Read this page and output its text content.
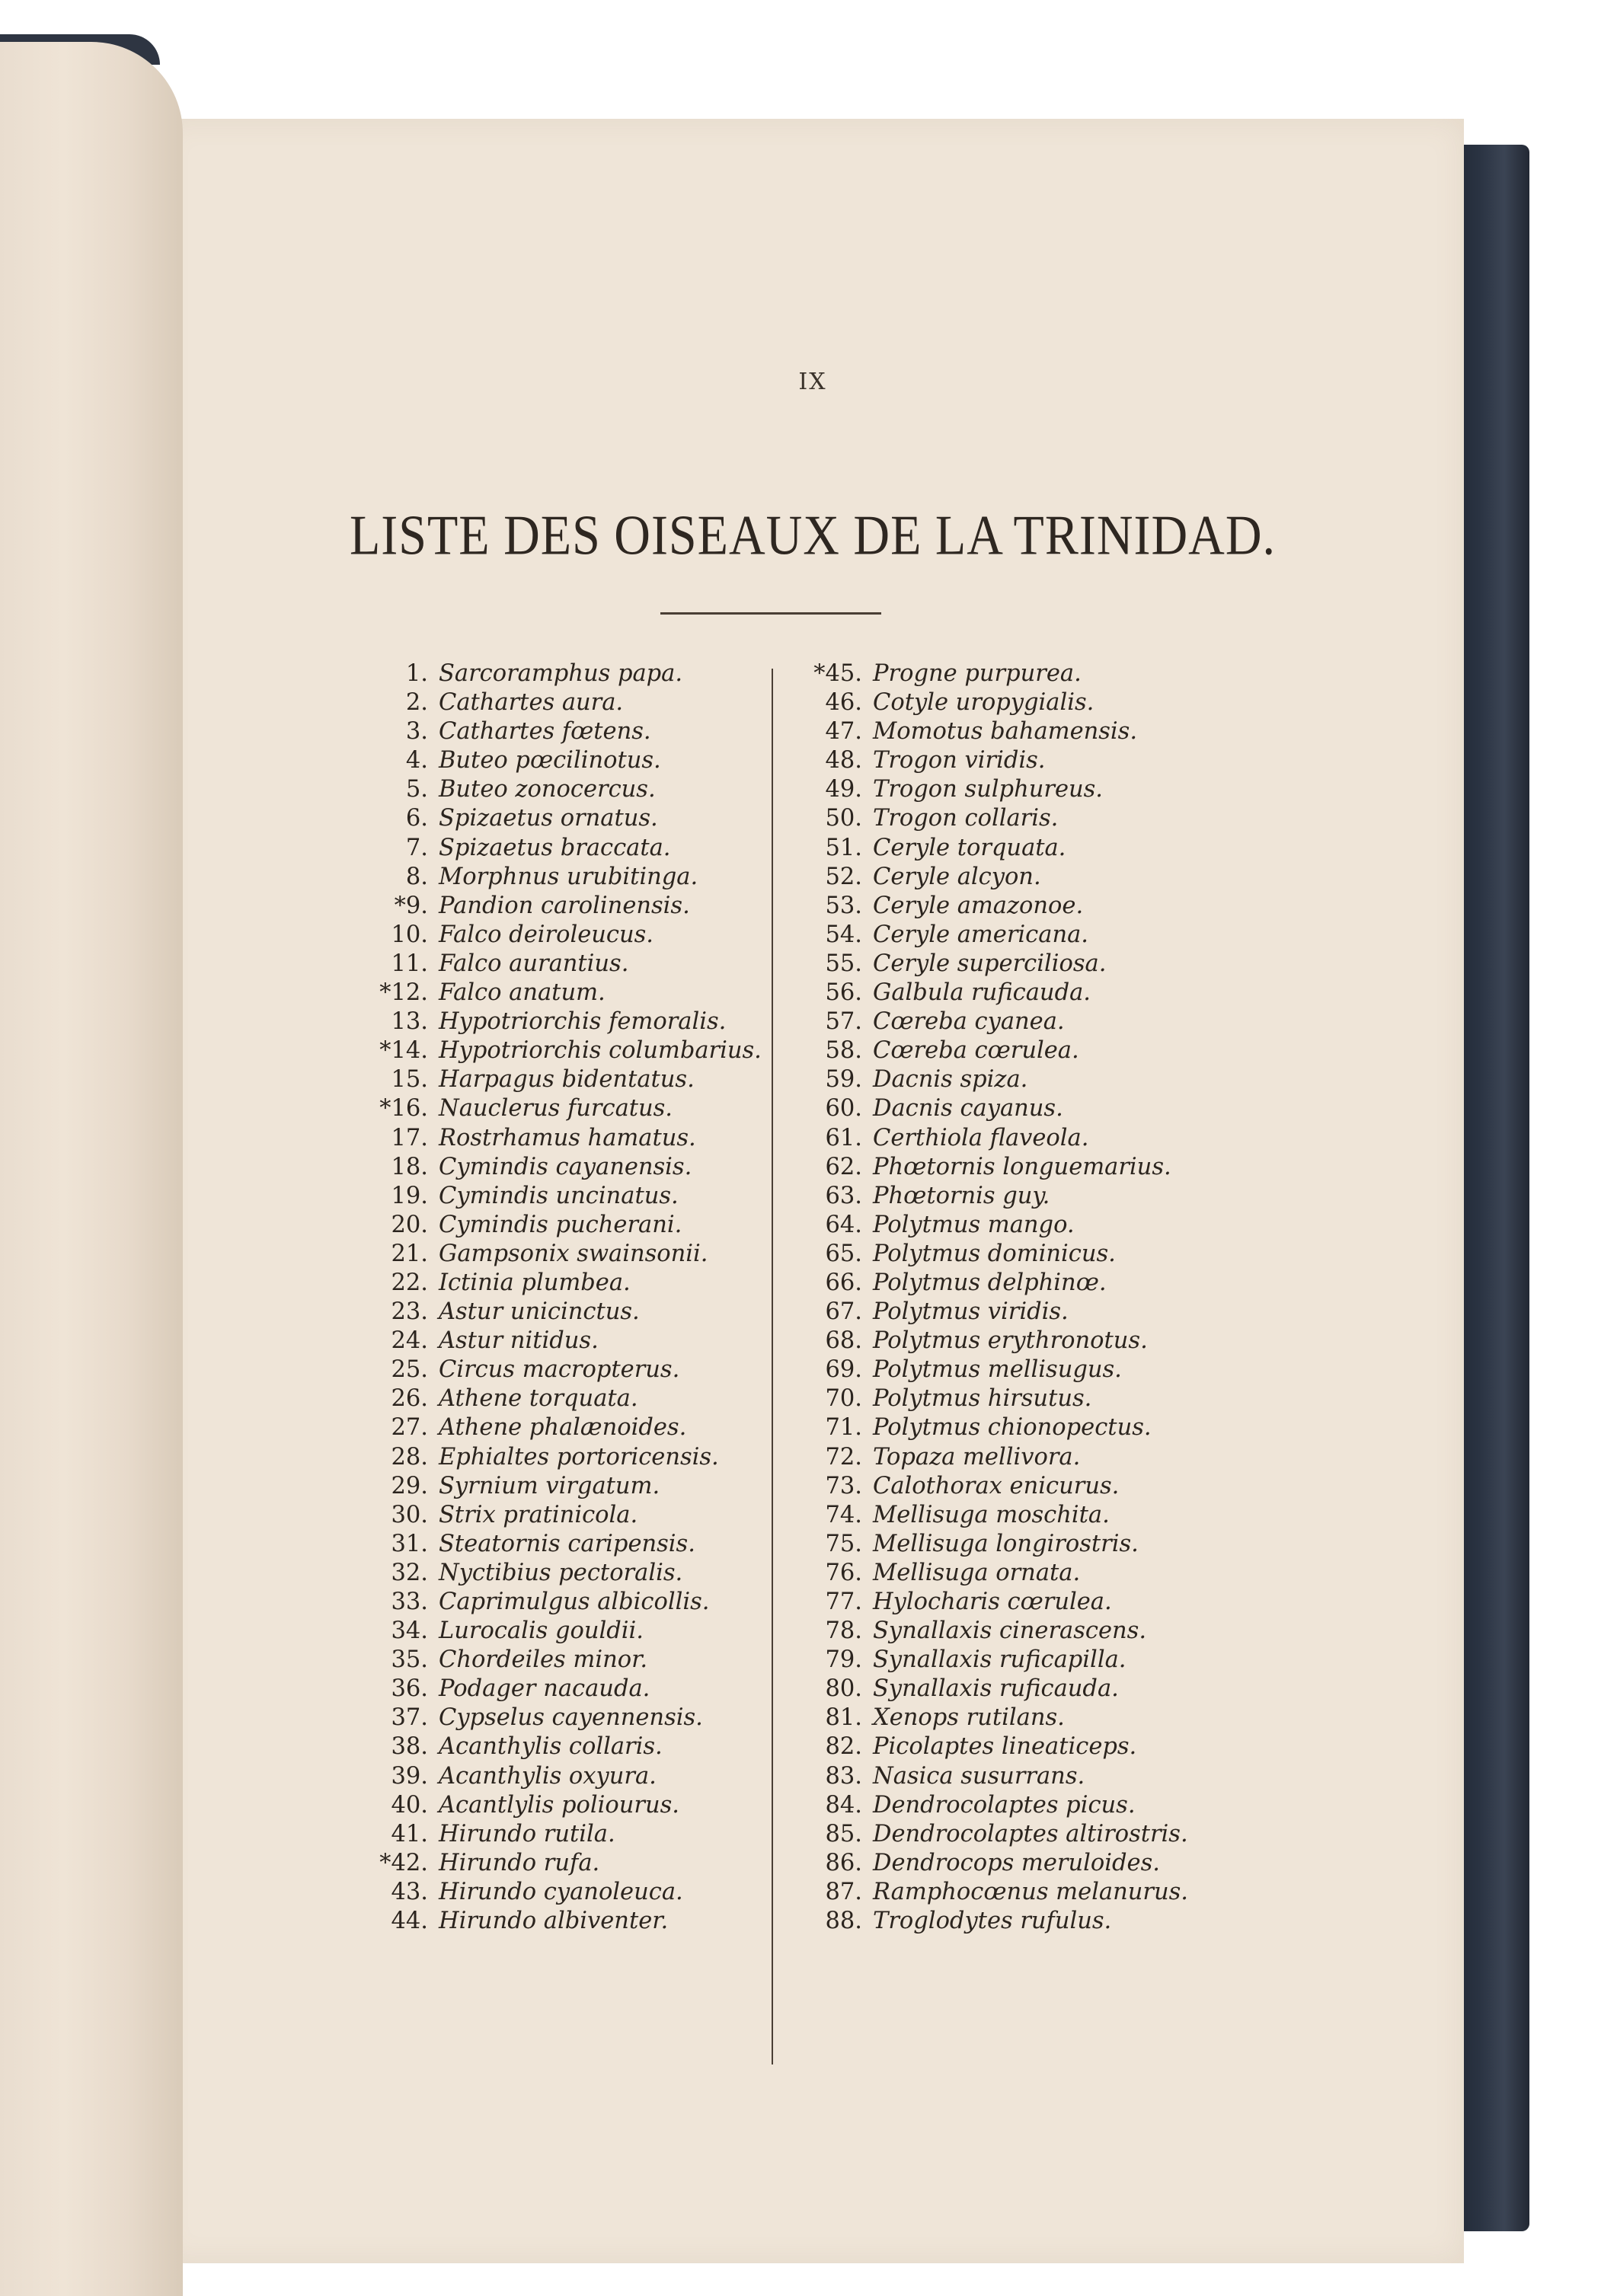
IX
LISTE DES OISEAUX DE LA TRINIDAD.
1. Sarcoramphus papa.
2. Cathartes aura.
3. Cathartes fœtens.
4. Buteo pœcilinotus.
5. Buteo zonocercus.
6. Spizaetus ornatus.
7. Spizaetus braccata.
8. Morphnus urubitinga.
*9. Pandion carolinensis.
10. Falco deiroleucus.
11. Falco aurantius.
*12. Falco anatum.
13. Hypotriorchis femoralis.
*14. Hypotriorchis columbarius.
15. Harpagus bidentatus.
*16. Nauclerus furcatus.
17. Rostrhamus hamatus.
18. Cymindis cayanensis.
19. Cymindis uncinatus.
20. Cymindis pucherani.
21. Gampsonix swainsonii.
22. Ictinia plumbea.
23. Astur unicinctus.
24. Astur nitidus.
25. Circus macropterus.
26. Athene torquata.
27. Athene phalænoides.
28. Ephialtes portoricensis.
29. Syrnium virgatum.
30. Strix pratinicola.
31. Steatornis caripensis.
32. Nyctibius pectoralis.
33. Caprimulgus albicollis.
34. Lurocalis gouldii.
35. Chordeiles minor.
36. Podager nacauda.
37. Cypselus cayennensis.
38. Acanthylis collaris.
39. Acanthylis oxyura.
40. Acantlylis poliourus.
41. Hirundo rutila.
*42. Hirundo rufa.
43. Hirundo cyanoleuca.
44. Hirundo albiventer.
*45. Progne purpurea.
46. Cotyle uropygialis.
47. Momotus bahamensis.
48. Trogon viridis.
49. Trogon sulphureus.
50. Trogon collaris.
51. Ceryle torquata.
52. Ceryle alcyon.
53. Ceryle amazonoe.
54. Ceryle americana.
55. Ceryle superciliosa.
56. Galbula ruficauda.
57. Cœreba cyanea.
58. Cœreba cœrulea.
59. Dacnis spiza.
60. Dacnis cayanus.
61. Certhiola flaveola.
62. Phœtornis longuemarius.
63. Phœtornis guy.
64. Polytmus mango.
65. Polytmus dominicus.
66. Polytmus delphinœ.
67. Polytmus viridis.
68. Polytmus erythronotus.
69. Polytmus mellisugus.
70. Polytmus hirsutus.
71. Polytmus chionopectus.
72. Topaza mellivora.
73. Calothorax enicurus.
74. Mellisuga moschita.
75. Mellisuga longirostris.
76. Mellisuga ornata.
77. Hylocharis cœrulea.
78. Synallaxis cinerascens.
79. Synallaxis ruficapilla.
80. Synallaxis ruficauda.
81. Xenops rutilans.
82. Picolaptes lineaticeps.
83. Nasica susurrans.
84. Dendrocolaptes picus.
85. Dendrocolaptes altirostris.
86. Dendrocops meruloides.
87. Ramphocœnus melanurus.
88. Troglodytes rufulus.
